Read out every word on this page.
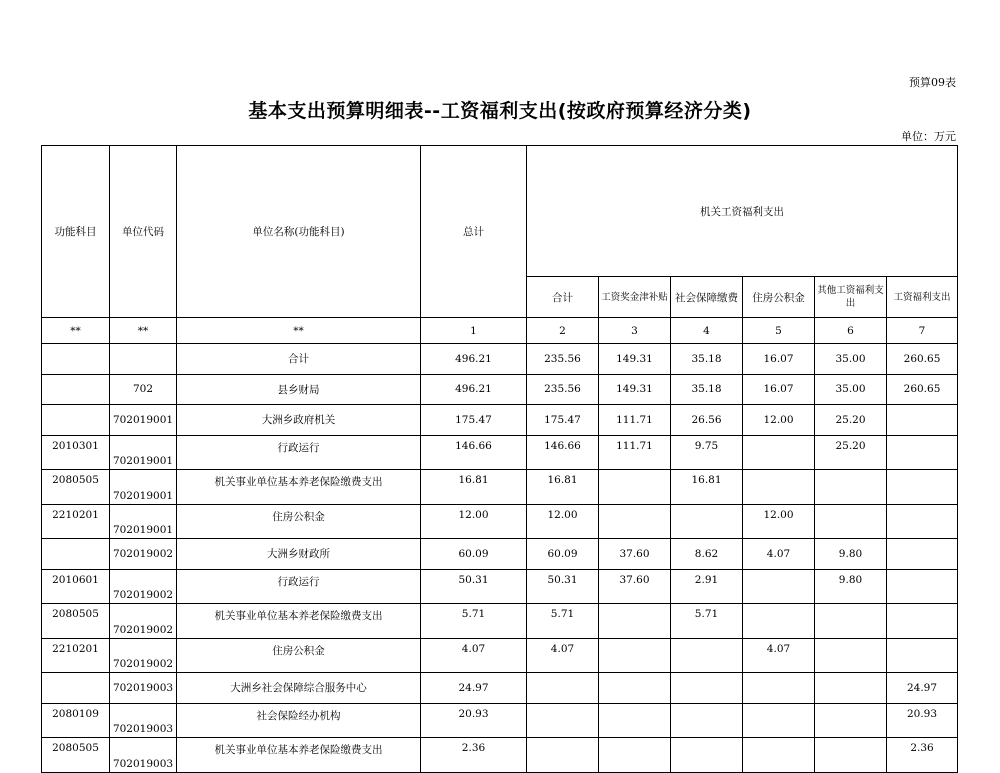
预算09表
基本支出预算明细表--工资福利支出(按政府预算经济分类)
单位：万元
功能科目	单位代码	单位名称(功能科目)	总计	机关工资福利支出	
				合计	工资奖金津补贴	社会保障缴费	住房公积金	其他工资福利支出	工资福利支出	
**	**	**	1	2	3	4	5	6	7	
		合计	496.21	235.56	149.31	35.18	16.07	35.00	260.65	
	702	县乡财局	496.21	235.56	149.31	35.18	16.07	35.00	260.65	
	702019001	大洲乡政府机关	175.47	175.47	111.71	26.56	12.00	25.20		
2010301	702019001	行政运行	146.66	146.66	111.71	9.75		25.20		
2080505	702019001	机关事业单位基本养老保险缴费支出	16.81	16.81		16.81				
2210201	702019001	住房公积金	12.00	12.00			12.00			
	702019002	大洲乡财政所	60.09	60.09	37.60	8.62	4.07	9.80		
2010601	702019002	行政运行	50.31	50.31	37.60	2.91		9.80		
2080505	702019002	机关事业单位基本养老保险缴费支出	5.71	5.71		5.71				
2210201	702019002	住房公积金	4.07	4.07			4.07			
	702019003	大洲乡社会保障综合服务中心	24.97						24.97	
2080109	702019003	社会保险经办机构	20.93						20.93	
2080505	702019003	机关事业单位基本养老保险缴费支出	2.36						2.36	
